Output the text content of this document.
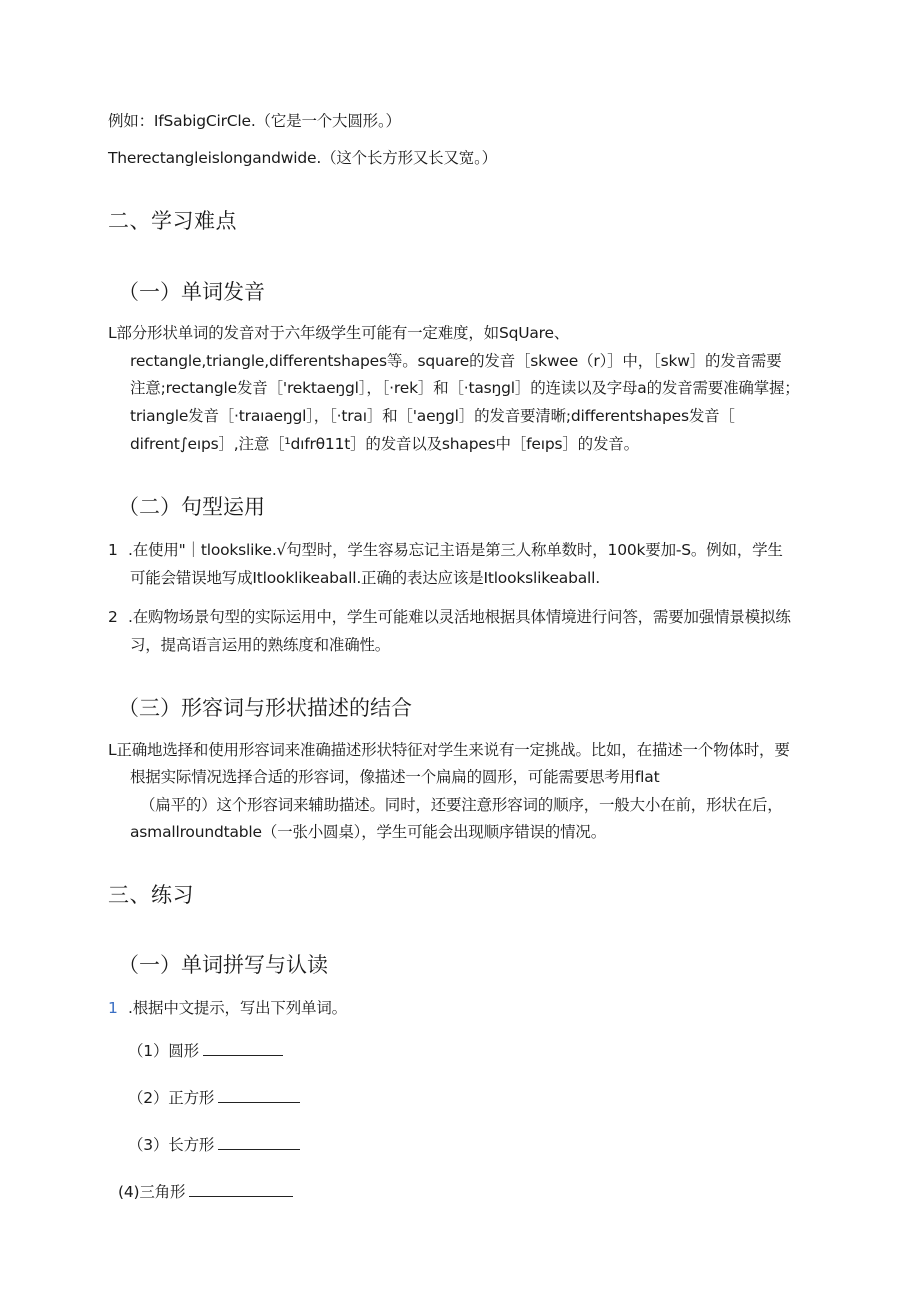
例如：IfSabigCirCle.（它是一个大圆形。）
Therectangleislongandwide.（这个长方形又长又宽。）
二、学习难点
（一）单词发音
L部分形状单词的发音对于六年级学生可能有一定难度，如SqUare、
rectangle,triangle,differentshapes等。square的发音［skwee（r）］中，［skw］的发音需要
注意;rectangle发音［'rektaeŋgl］，［·rek］和［·tasŋgl］的连读以及字母a的发音需要准确掌握；
triangle发音［·traıaeŋgl］，［·traı］和［'aeŋgl］的发音要清晰;differentshapes发音［
difrent∫eıps］,注意［¹dıfrθ11t］的发音以及shapes中［feıps］的发音。
（二）句型运用
1 .在使用"｜tlookslike.√句型时，学生容易忘记主语是第三人称单数时，100k要加-S。例如，学生
可能会错误地写成Itlooklikeaball.正确的表达应该是Itlookslikeaball.
2 .在购物场景句型的实际运用中，学生可能难以灵活地根据具体情境进行问答，需要加强情景模拟练
习，提高语言运用的熟练度和准确性。
（三）形容词与形状描述的结合
L正确地选择和使用形容词来准确描述形状特征对学生来说有一定挑战。比如，在描述一个物体时，要
根据实际情况选择合适的形容词，像描述一个扁扁的圆形，可能需要思考用flat
（扁平的）这个形容词来辅助描述。同时，还要注意形容词的顺序，一般大小在前，形状在后，
asmallroundtable（一张小圆桌），学生可能会出现顺序错误的情况。
三、练习
（一）单词拼写与认读
1 .根据中文提示，写出下列单词。
（1）圆形
（2）正方形
（3）长方形
(4)三角形
